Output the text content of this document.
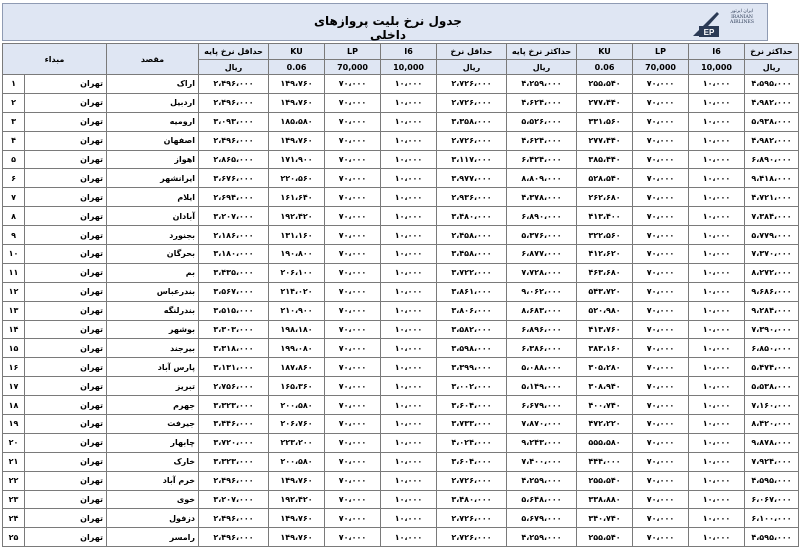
جدول نرخ بلیت پروازهای داخلی	EP
ایران ایرتور
IRANIAN
AIRLINES
حداکثر نرخ	I6	LP	KU	حداکثر نرخ پایه	حداقل نرخ	I6	LP	KU	حداقل نرخ پایه	مقصد	مبداء	
ریال	10,000	70,000	0.06	ریال	ریال	10,000	70,000	0.06	ریال			
۴،۵۹۵،۰۰۰	۱۰،۰۰۰	۷۰،۰۰۰	۲۵۵،۵۴۰	۴،۲۵۹،۰۰۰	۲،۷۲۶،۰۰۰	۱۰،۰۰۰	۷۰،۰۰۰	۱۴۹،۷۶۰	۲،۴۹۶،۰۰۰	اراک	تهران	۱
۴،۹۸۲،۰۰۰	۱۰،۰۰۰	۷۰،۰۰۰	۲۷۷،۴۴۰	۴،۶۲۴،۰۰۰	۲،۷۲۶،۰۰۰	۱۰،۰۰۰	۷۰،۰۰۰	۱۴۹،۷۶۰	۲،۴۹۶،۰۰۰	اردبیل	تهران	۲
۵،۹۳۸،۰۰۰	۱۰،۰۰۰	۷۰،۰۰۰	۳۳۱،۵۶۰	۵،۵۲۶،۰۰۰	۳،۳۵۸،۰۰۰	۱۰،۰۰۰	۷۰،۰۰۰	۱۸۵،۵۸۰	۳،۰۹۳،۰۰۰	ارومیه	تهران	۳
۴،۹۸۲،۰۰۰	۱۰،۰۰۰	۷۰،۰۰۰	۲۷۷،۴۴۰	۴،۶۲۴،۰۰۰	۲،۷۲۶،۰۰۰	۱۰،۰۰۰	۷۰،۰۰۰	۱۴۹،۷۶۰	۲،۴۹۶،۰۰۰	اصفهان	تهران	۴
۶،۸۹۰،۰۰۰	۱۰،۰۰۰	۷۰،۰۰۰	۳۸۵،۴۴۰	۶،۴۲۴،۰۰۰	۳،۱۱۷،۰۰۰	۱۰،۰۰۰	۷۰،۰۰۰	۱۷۱،۹۰۰	۲،۸۶۵،۰۰۰	اهواز	تهران	۵
۹،۴۱۸،۰۰۰	۱۰،۰۰۰	۷۰،۰۰۰	۵۲۸،۵۴۰	۸،۸۰۹،۰۰۰	۳،۹۷۷،۰۰۰	۱۰،۰۰۰	۷۰،۰۰۰	۲۲۰،۵۶۰	۳،۶۷۶،۰۰۰	ایرانشهر	تهران	۶
۴،۷۲۱،۰۰۰	۱۰،۰۰۰	۷۰،۰۰۰	۲۶۲،۶۸۰	۴،۳۷۸،۰۰۰	۲،۹۳۶،۰۰۰	۱۰،۰۰۰	۷۰،۰۰۰	۱۶۱،۶۴۰	۲،۶۹۴،۰۰۰	ایلام	تهران	۷
۷،۳۸۴،۰۰۰	۱۰،۰۰۰	۷۰،۰۰۰	۴۱۳،۴۰۰	۶،۸۹۰،۰۰۰	۳،۴۸۰،۰۰۰	۱۰،۰۰۰	۷۰،۰۰۰	۱۹۲،۴۲۰	۳،۲۰۷،۰۰۰	آبادان	تهران	۸
۵،۷۷۹،۰۰۰	۱۰،۰۰۰	۷۰،۰۰۰	۳۲۲،۵۶۰	۵،۳۷۶،۰۰۰	۲،۴۵۸،۰۰۰	۱۰،۰۰۰	۷۰،۰۰۰	۱۳۱،۱۶۰	۲،۱۸۶،۰۰۰	بجنورد	تهران	۹
۷،۳۷۰،۰۰۰	۱۰،۰۰۰	۷۰،۰۰۰	۴۱۲،۶۲۰	۶،۸۷۷،۰۰۰	۳،۴۵۸،۰۰۰	۱۰،۰۰۰	۷۰،۰۰۰	۱۹۰،۸۰۰	۳،۱۸۰،۰۰۰	بحرگان	تهران	۱۰
۸،۲۷۲،۰۰۰	۱۰،۰۰۰	۷۰،۰۰۰	۴۶۳،۶۸۰	۷،۷۲۸،۰۰۰	۳،۷۲۲،۰۰۰	۱۰،۰۰۰	۷۰،۰۰۰	۲۰۶،۱۰۰	۳،۴۳۵،۰۰۰	بم	تهران	۱۱
۹،۶۸۶،۰۰۰	۱۰،۰۰۰	۷۰،۰۰۰	۵۴۳،۷۲۰	۹،۰۶۲،۰۰۰	۳،۸۶۱،۰۰۰	۱۰،۰۰۰	۷۰،۰۰۰	۲۱۴،۰۲۰	۳،۵۶۷،۰۰۰	بندرعباس	تهران	۱۲
۹،۲۸۴،۰۰۰	۱۰،۰۰۰	۷۰،۰۰۰	۵۲۰،۹۸۰	۸،۶۸۳،۰۰۰	۳،۸۰۶،۰۰۰	۱۰،۰۰۰	۷۰،۰۰۰	۲۱۰،۹۰۰	۳،۵۱۵،۰۰۰	بندرلنگه	تهران	۱۳
۷،۳۹۰،۰۰۰	۱۰،۰۰۰	۷۰،۰۰۰	۴۱۳،۷۶۰	۶،۸۹۶،۰۰۰	۳،۵۸۲،۰۰۰	۱۰،۰۰۰	۷۰،۰۰۰	۱۹۸،۱۸۰	۳،۳۰۳،۰۰۰	بوشهر	تهران	۱۴
۶،۸۵۰،۰۰۰	۱۰،۰۰۰	۷۰،۰۰۰	۳۸۳،۱۶۰	۶،۳۸۶،۰۰۰	۳،۵۹۸،۰۰۰	۱۰،۰۰۰	۷۰،۰۰۰	۱۹۹،۰۸۰	۳،۳۱۸،۰۰۰	بیرجند	تهران	۱۵
۵،۴۷۴،۰۰۰	۱۰،۰۰۰	۷۰،۰۰۰	۳۰۵،۲۸۰	۵،۰۸۸،۰۰۰	۳،۳۹۹،۰۰۰	۱۰،۰۰۰	۷۰،۰۰۰	۱۸۷،۸۶۰	۳،۱۳۱،۰۰۰	پارس آباد	تهران	۱۶
۵،۵۳۸،۰۰۰	۱۰،۰۰۰	۷۰،۰۰۰	۳۰۸،۹۴۰	۵،۱۴۹،۰۰۰	۳،۰۰۲،۰۰۰	۱۰،۰۰۰	۷۰،۰۰۰	۱۶۵،۳۶۰	۲،۷۵۶،۰۰۰	تبریز	تهران	۱۷
۷،۱۶۰،۰۰۰	۱۰،۰۰۰	۷۰،۰۰۰	۴۰۰،۷۴۰	۶،۶۷۹،۰۰۰	۳،۶۰۴،۰۰۰	۱۰،۰۰۰	۷۰،۰۰۰	۲۰۰،۵۸۰	۳،۳۲۳،۰۰۰	جهرم	تهران	۱۸
۸،۴۲۰،۰۰۰	۱۰،۰۰۰	۷۰،۰۰۰	۴۷۲،۲۲۰	۷،۸۷۰،۰۰۰	۳،۷۳۳،۰۰۰	۱۰،۰۰۰	۷۰،۰۰۰	۲۰۶،۷۶۰	۳،۴۴۶،۰۰۰	جیرفت	تهران	۱۹
۹،۸۷۸،۰۰۰	۱۰،۰۰۰	۷۰،۰۰۰	۵۵۵،۵۸۰	۹،۲۴۳،۰۰۰	۴،۰۲۴،۰۰۰	۱۰،۰۰۰	۷۰،۰۰۰	۲۲۳،۲۰۰	۳،۷۲۰،۰۰۰	چابهار	تهران	۲۰
۷،۹۲۴،۰۰۰	۱۰،۰۰۰	۷۰،۰۰۰	۴۴۴،۰۰۰	۷،۴۰۰،۰۰۰	۳،۶۰۴،۰۰۰	۱۰،۰۰۰	۷۰،۰۰۰	۲۰۰،۵۸۰	۳،۳۲۳،۰۰۰	خارک	تهران	۲۱
۴،۵۹۵،۰۰۰	۱۰،۰۰۰	۷۰،۰۰۰	۲۵۵،۵۴۰	۴،۲۵۹،۰۰۰	۲،۷۲۶،۰۰۰	۱۰،۰۰۰	۷۰،۰۰۰	۱۴۹،۷۶۰	۲،۴۹۶،۰۰۰	خرم آباد	تهران	۲۲
۶،۰۶۷،۰۰۰	۱۰،۰۰۰	۷۰،۰۰۰	۳۳۸،۸۸۰	۵،۶۴۸،۰۰۰	۳،۴۸۰،۰۰۰	۱۰،۰۰۰	۷۰،۰۰۰	۱۹۲،۴۲۰	۳،۲۰۷،۰۰۰	خوی	تهران	۲۳
۶،۱۰۰،۰۰۰	۱۰،۰۰۰	۷۰،۰۰۰	۳۴۰،۷۴۰	۵،۶۷۹،۰۰۰	۲،۷۲۶،۰۰۰	۱۰،۰۰۰	۷۰،۰۰۰	۱۴۹،۷۶۰	۲،۴۹۶،۰۰۰	دزفول	تهران	۲۴
۴،۵۹۵،۰۰۰	۱۰،۰۰۰	۷۰،۰۰۰	۲۵۵،۵۴۰	۴،۲۵۹،۰۰۰	۲،۷۲۶،۰۰۰	۱۰،۰۰۰	۷۰،۰۰۰	۱۴۹،۷۶۰	۲،۴۹۶،۰۰۰	رامسر	تهران	۲۵
